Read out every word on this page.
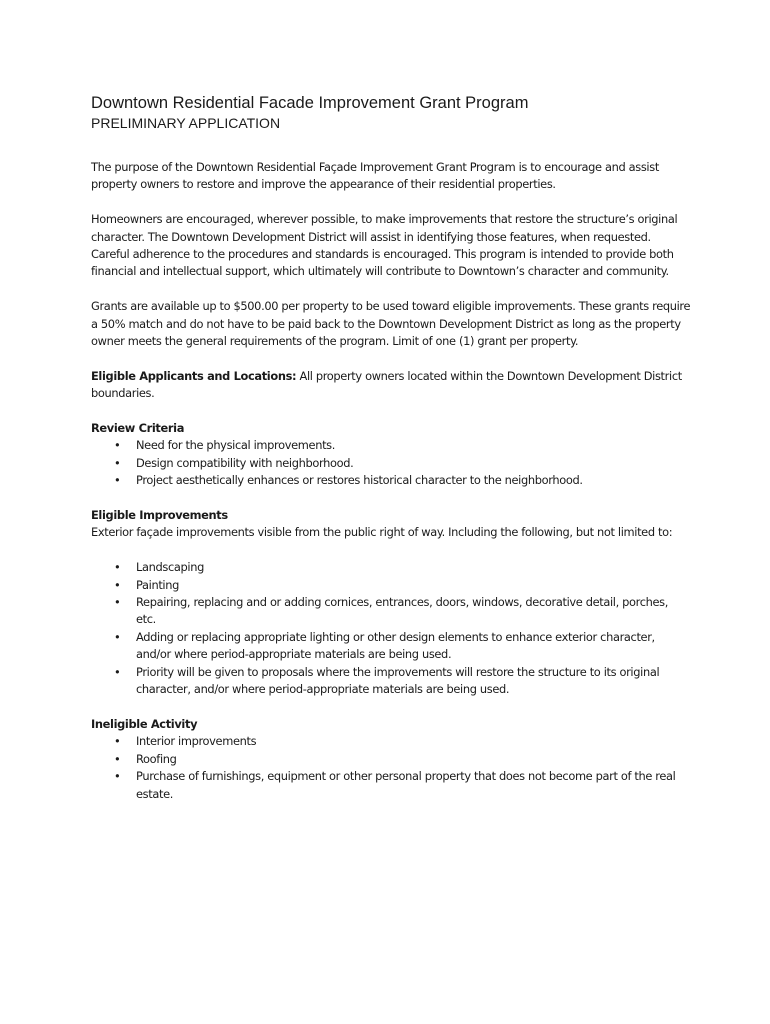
Downtown Residential Facade Improvement Grant Program
PRELIMINARY APPLICATION

The purpose of the Downtown Residential Façade Improvement Grant Program is to encourage and assist property owners to restore and improve the appearance of their residential properties.

Homeowners are encouraged, wherever possible, to make improvements that restore the structure’s original character. The Downtown Development District will assist in identifying those features, when requested. Careful adherence to the procedures and standards is encouraged. This program is intended to provide both financial and intellectual support, which ultimately will contribute to Downtown’s character and community.

Grants are available up to $500.00 per property to be used toward eligible improvements. These grants require a 50% match and do not have to be paid back to the Downtown Development District as long as the property owner meets the general requirements of the program. Limit of one (1) grant per property.

Eligible Applicants and Locations: All property owners located within the Downtown Development District boundaries.

Review Criteria
• Need for the physical improvements.
• Design compatibility with neighborhood.
• Project aesthetically enhances or restores historical character to the neighborhood.
Eligible Improvements

Exterior façade improvements visible from the public right of way. Including the following, but not limited to:

• Landscaping
• Painting
• Repairing, replacing and or adding cornices, entrances, doors, windows, decorative detail, porches, etc.
• Adding or replacing appropriate lighting or other design elements to enhance exterior character, and/or where period-appropriate materials are being used.
• Priority will be given to proposals where the improvements will restore the structure to its original character, and/or where period-appropriate materials are being used.
Ineligible Activity
• Interior improvements
• Roofing
• Purchase of furnishings, equipment or other personal property that does not become part of the real estate.
